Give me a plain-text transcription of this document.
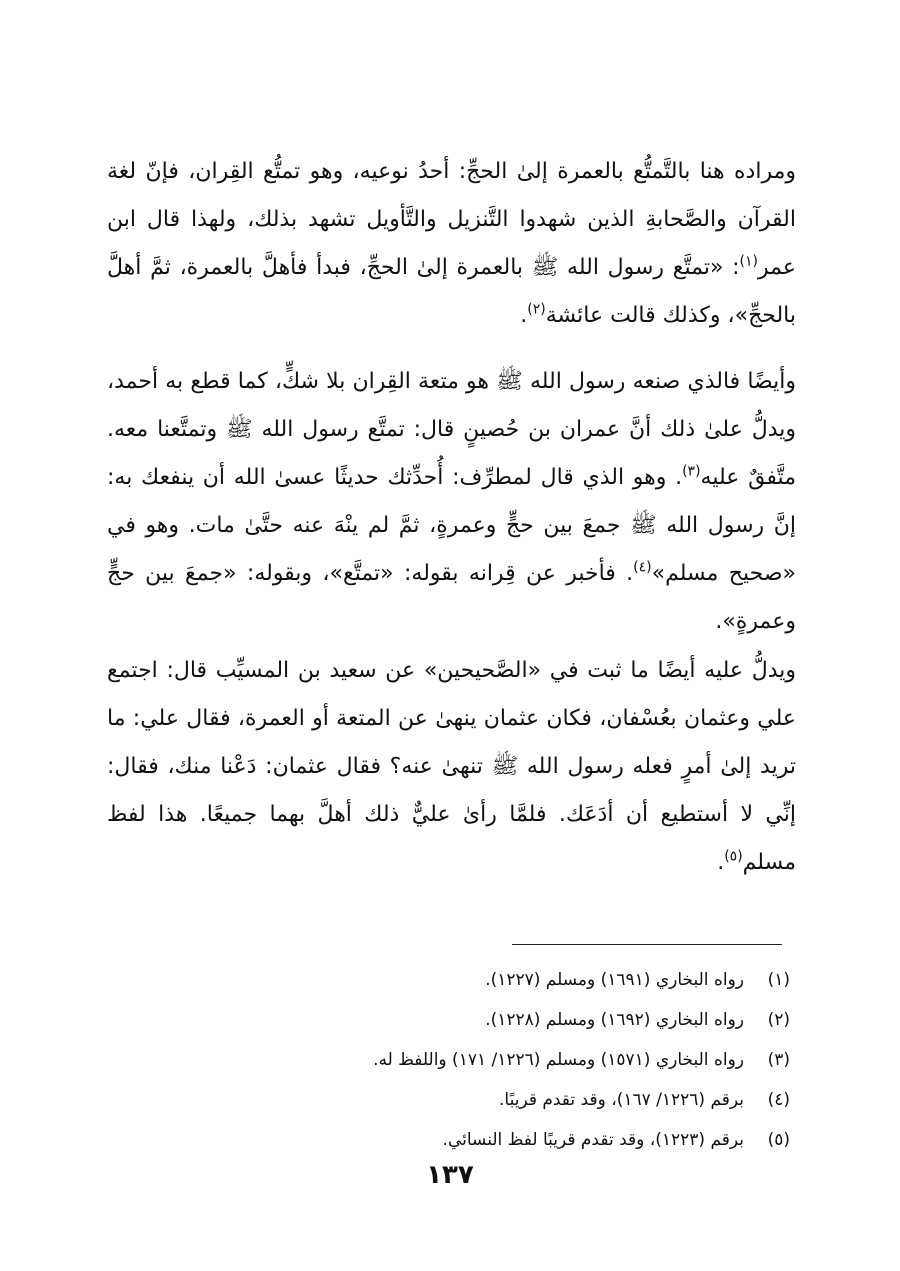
ومراده هنا بالتَّمتُّع بالعمرة إلىٰ الحجِّ: أحدُ نوعيه، وهو تمتُّع القِران، فإنّ لغة القرآن والصَّحابةِ الذين شهدوا التَّنزيل والتَّأويل تشهد بذلك، ولهذا قال ابن عمر$^{(١)}$: «تمتَّع رسول الله ﷺ بالعمرة إلىٰ الحجِّ، فبدأ فأهلَّ بالعمرة، ثمَّ أهلَّ بالحجِّ»، وكذلك قالت عائشة$^{(٢)}$.

وأيضًا فالذي صنعه رسول الله ﷺ هو متعة القِران بلا شكٍّ، كما قطع به أحمد، ويدلُّ علىٰ ذلك أنَّ عمران بن حُصينٍ قال: تمتَّع رسول الله ﷺ وتمتَّعنا معه. متَّفقٌ عليه$^{(٣)}$. وهو الذي قال لمطرِّف: أُحدِّثك حديثًا عسىٰ الله أن ينفعك به: إنَّ رسول الله ﷺ جمعَ بين حجٍّ وعمرةٍ، ثمَّ لم ينْهَ عنه حتَّىٰ مات. وهو في «صحيح مسلم»$^{(٤)}$. فأخبر عن قِرانه بقوله: «تمتَّع»، وبقوله: «جمعَ بين حجٍّ وعمرةٍ».

ويدلُّ عليه أيضًا ما ثبت في «الصَّحيحين» عن سعيد بن المسيِّب قال: اجتمع علي وعثمان بعُسْفان، فكان عثمان ينهىٰ عن المتعة أو العمرة، فقال علي: ما تريد إلىٰ أمرٍ فعله رسول الله ﷺ تنهىٰ عنه؟ فقال عثمان: دَعْنا منك، فقال: إنِّي لا أستطيع أن أدَعَك. فلمَّا رأىٰ عليٌّ ذلك أهلَّ بهما جميعًا. هذا لفظ مسلم$^{(٥)}$.

(١)رواه البخاري (١٦٩١) ومسلم (١٢٢٧).
(٢)رواه البخاري (١٦٩٢) ومسلم (١٢٢٨).
(٣)رواه البخاري (١٥٧١) ومسلم (١٢٢٦/ ١٧١) واللفظ له.
(٤)برقم (١٢٢٦/ ١٦٧)، وقد تقدم قريبًا.
(٥)برقم (١٢٢٣)، وقد تقدم قريبًا لفظ النسائي.
١٣٧
